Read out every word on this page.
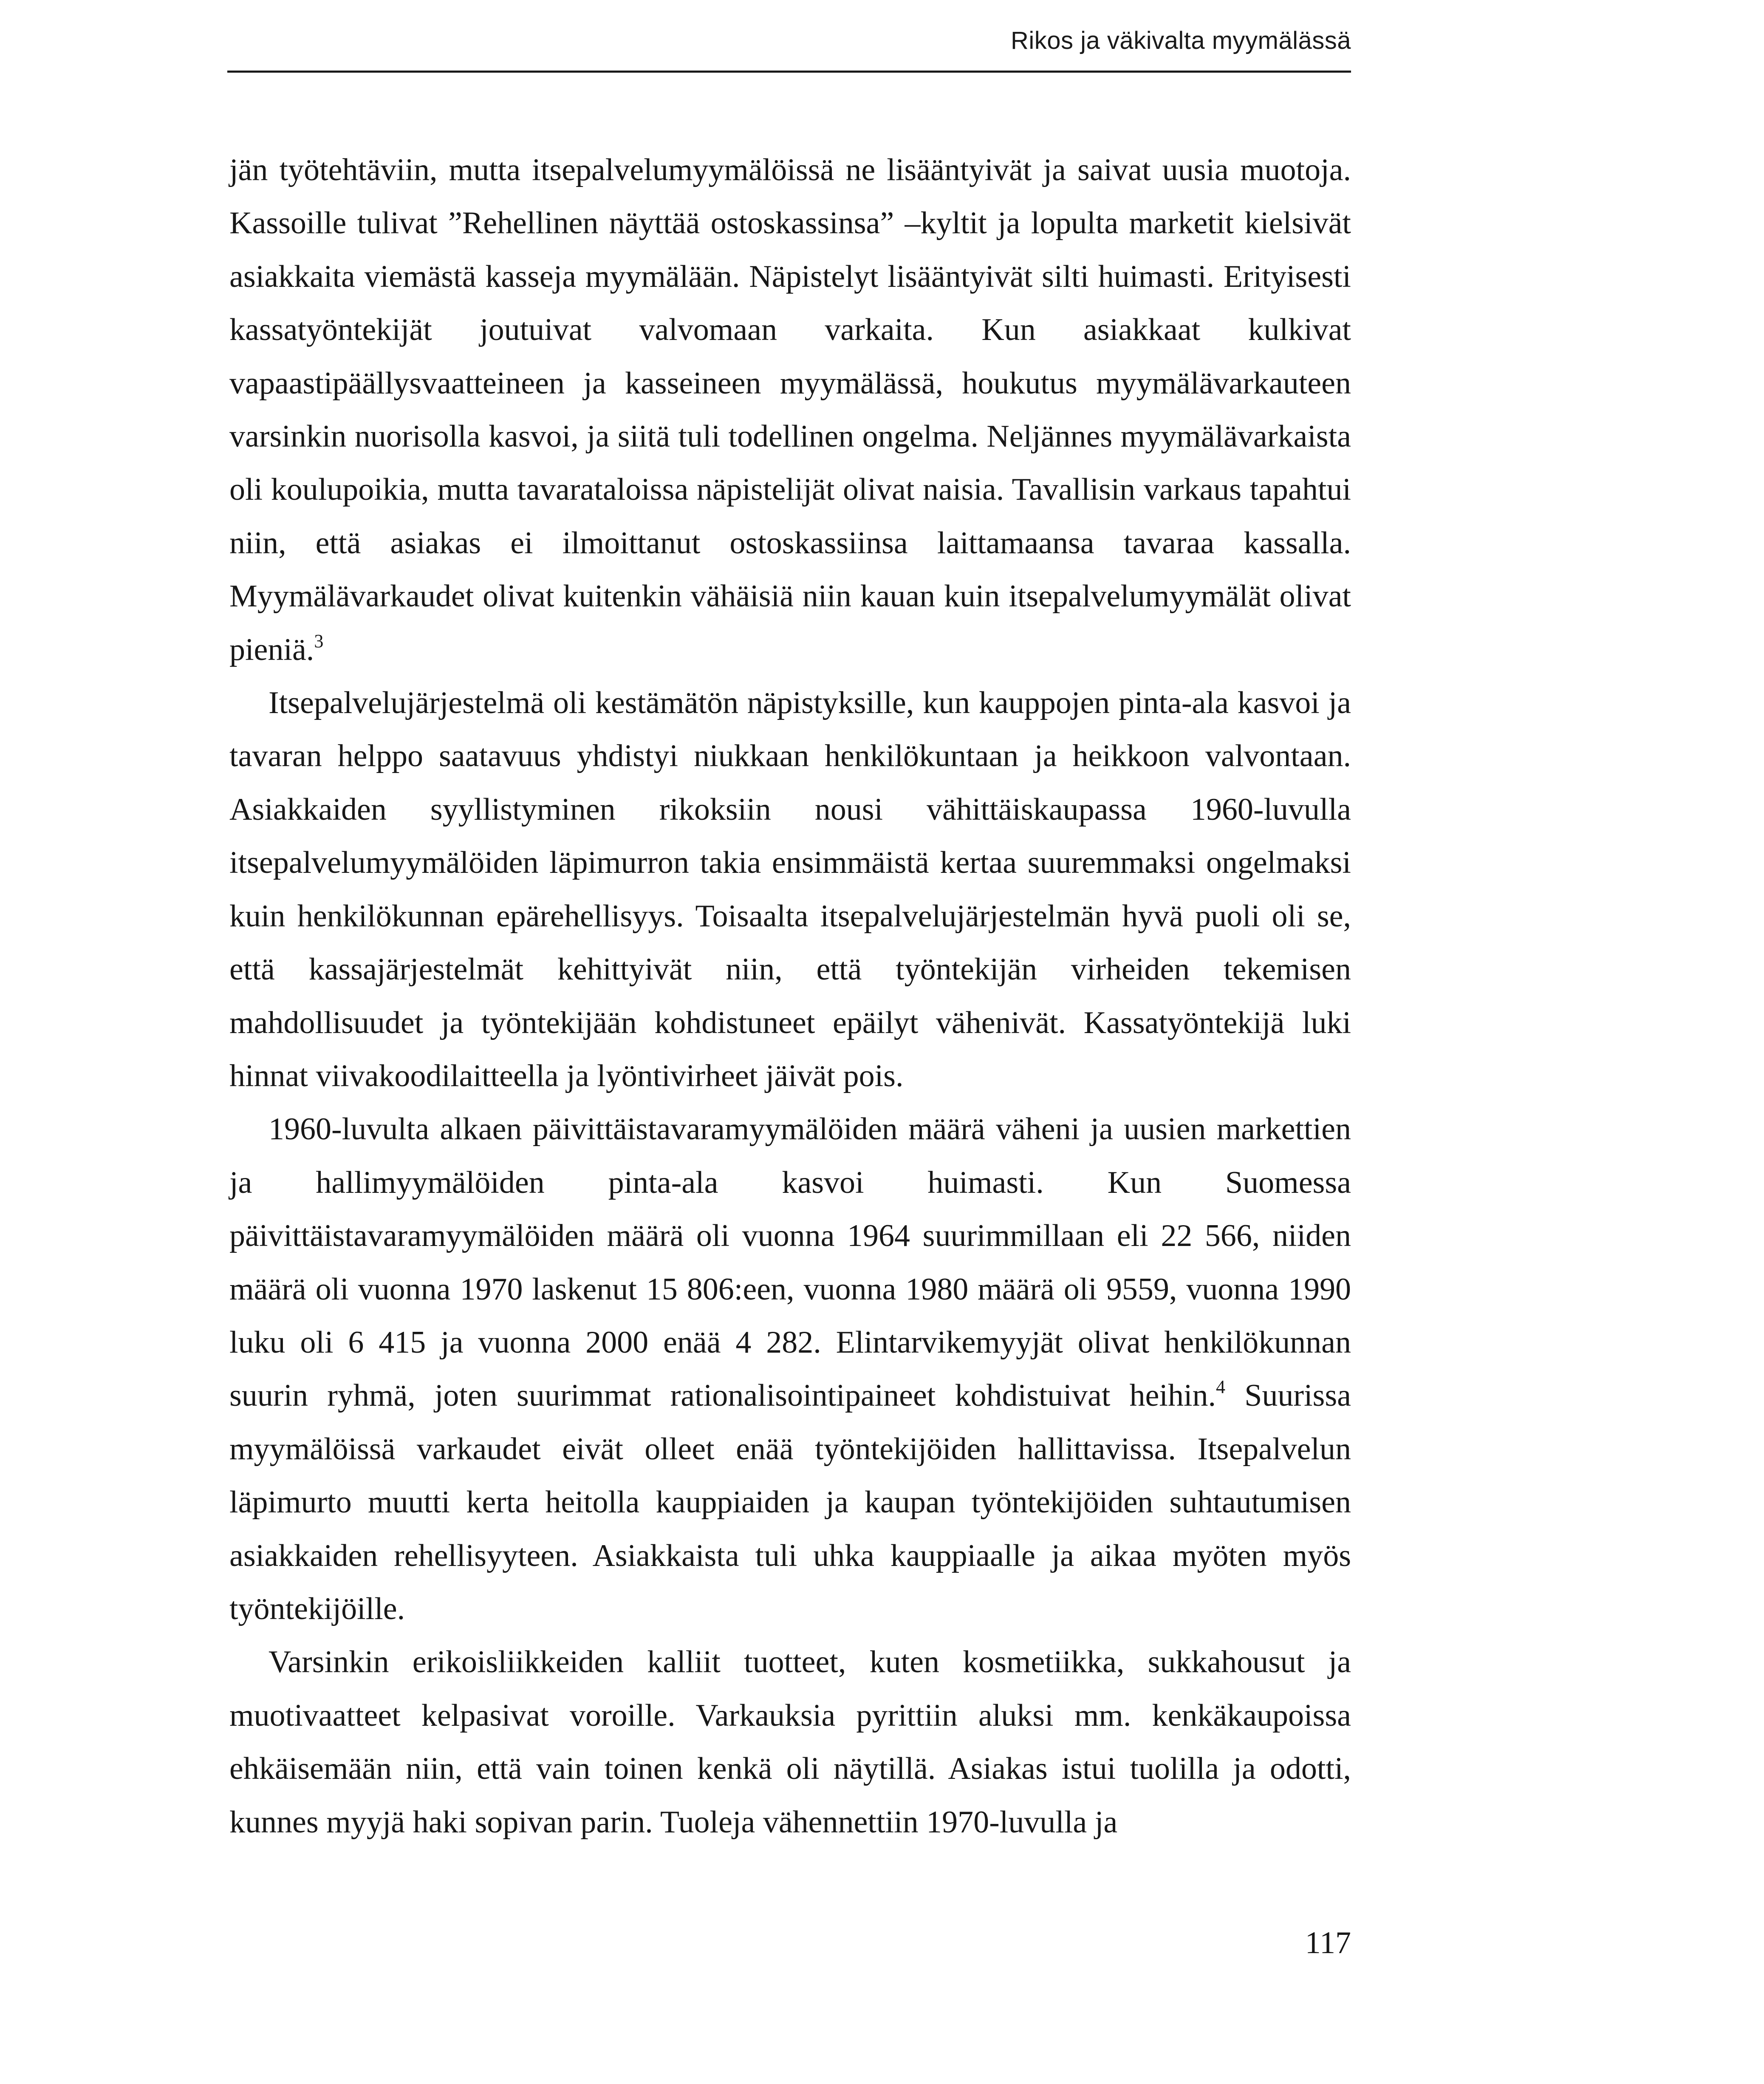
Rikos ja väkivalta myymälässä

jän työtehtäviin, mutta itsepalvelumyymälöissä ne lisääntyivät ja saivat uusia muotoja. Kassoille tulivat ”Rehellinen näyttää ostoskassinsa” –kyltit ja lopulta marketit kielsivät asiakkaita viemästä kasseja myymälään. Näpistelyt lisääntyivät silti huimasti. Erityisesti kassatyöntekijät joutuivat valvomaan varkaita. Kun asiakkaat kulkivat vapaastipäällysvaatteineen ja kasseineen myymälässä, houkutus myymälävarkauteen varsinkin nuorisolla kasvoi, ja siitä tuli todellinen ongelma. Neljännes myymälävarkaista oli koulupoikia, mutta tavarataloissa näpistelijät olivat naisia. Tavallisin varkaus tapahtui niin, että asiakas ei ilmoittanut ostoskassiinsa laittamaansa tavaraa kassalla. Myymälävarkaudet olivat kuitenkin vähäisiä niin kauan kuin itsepalvelumyymälät olivat pieniä.$^3$

Itsepalvelujärjestelmä oli kestämätön näpistyksille, kun kauppojen pinta-ala kasvoi ja tavaran helppo saatavuus yhdistyi niukkaan henkilökuntaan ja heikkoon valvontaan. Asiakkaiden syyllistyminen rikoksiin nousi vähittäiskaupassa 1960-luvulla itsepalvelumyymälöiden läpimurron takia ensimmäistä kertaa suuremmaksi ongelmaksi kuin henkilökunnan epärehellisyys. Toisaalta itsepalvelujärjestelmän hyvä puoli oli se, että kassajärjestelmät kehittyivät niin, että työntekijän virheiden tekemisen mahdollisuudet ja työntekijään kohdistuneet epäilyt vähenivät. Kassatyöntekijä luki hinnat viivakoodilaitteella ja lyöntivirheet jäivät pois.

1960-luvulta alkaen päivittäistavaramyymälöiden määrä väheni ja uusien markettien ja hallimyymälöiden pinta-ala kasvoi huimasti. Kun Suomessa päivittäistavaramyymälöiden määrä oli vuonna 1964 suurimmillaan eli 22 566, niiden määrä oli vuonna 1970 laskenut 15 806:een, vuonna 1980 määrä oli 9559, vuonna 1990 luku oli 6 415 ja vuonna 2000 enää 4 282. Elintarvikemyyjät olivat henkilökunnan suurin ryhmä, joten suurimmat rationalisointipaineet kohdistuivat heihin.$^4$ Suurissa myymälöissä varkaudet eivät olleet enää työntekijöiden hallittavissa. Itsepalvelun läpimurto muutti kerta heitolla kauppiaiden ja kaupan työntekijöiden suhtautumisen asiakkaiden rehellisyyteen. Asiakkaista tuli uhka kauppiaalle ja aikaa myöten myös työntekijöille.

Varsinkin erikoisliikkeiden kalliit tuotteet, kuten kosmetiikka, sukkahousut ja muotivaatteet kelpasivat voroille. Varkauksia pyrittiin aluksi mm. kenkäkaupoissa ehkäisemään niin, että vain toinen kenkä oli näytillä. Asiakas istui tuolilla ja odotti, kunnes myyjä haki sopivan parin. Tuoleja vähennettiin 1970-luvulla ja

117
